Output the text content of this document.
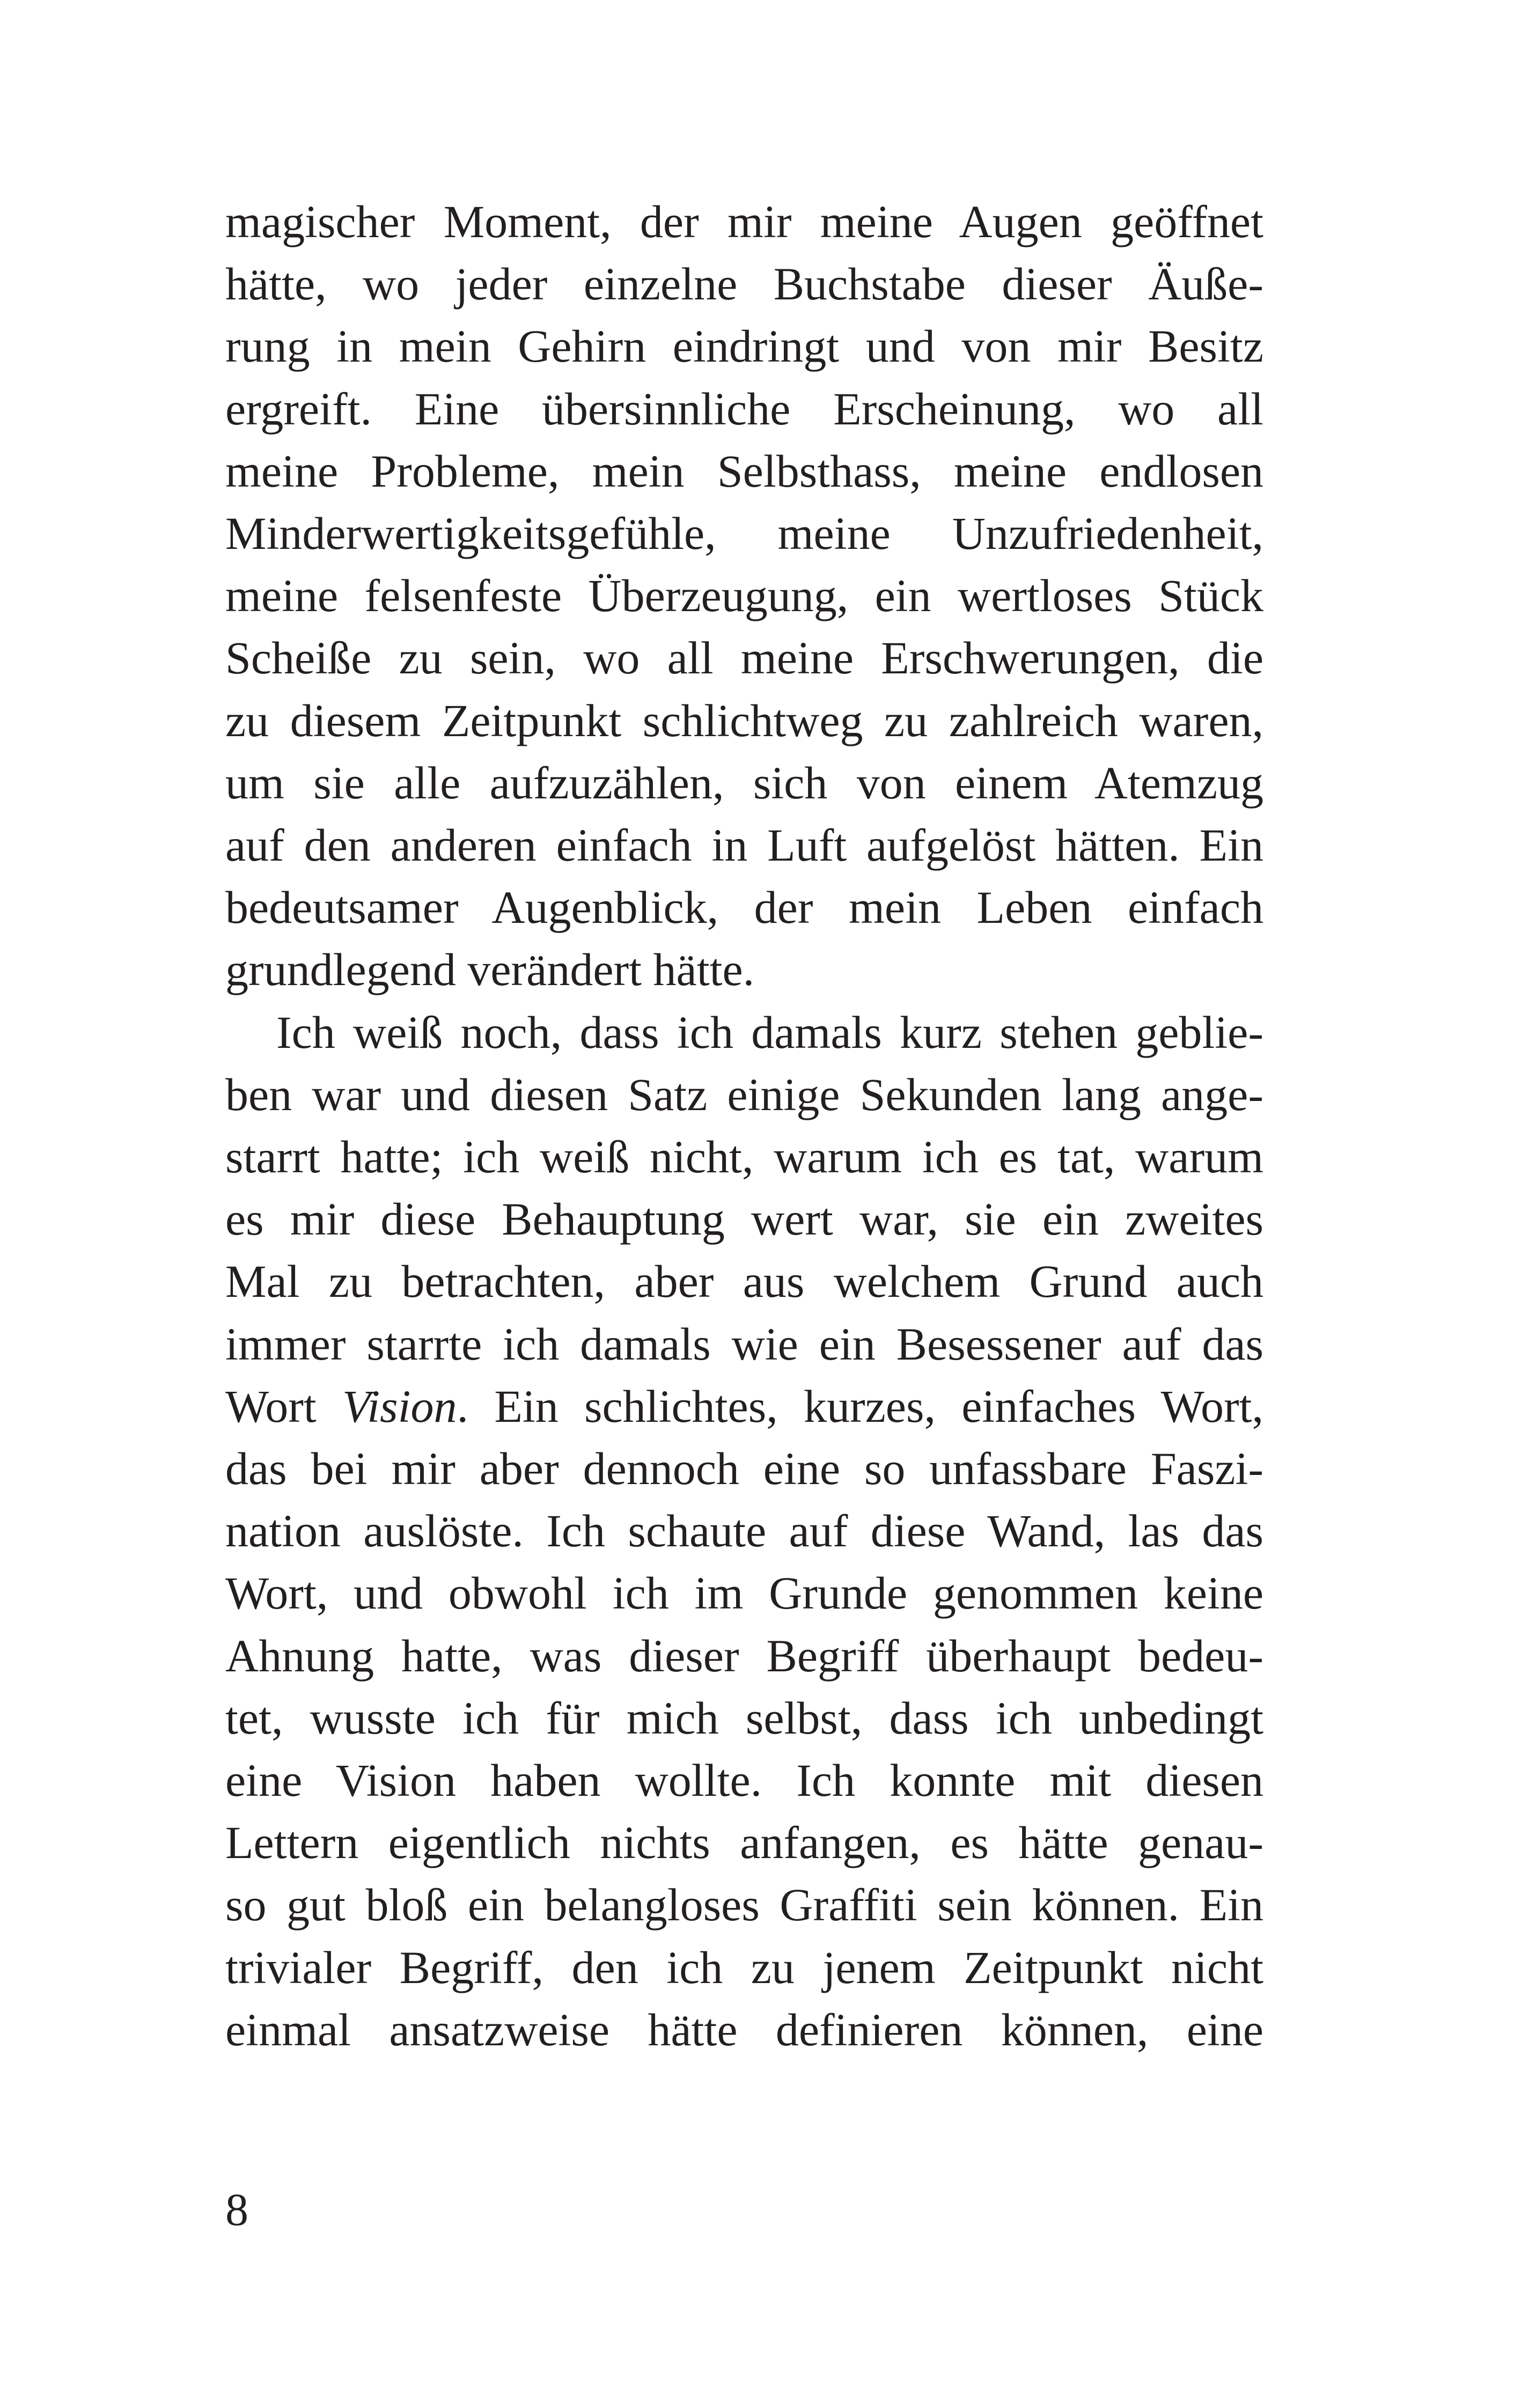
magischer Moment, der mir meine Augen geöffnet
hätte, wo jeder einzelne Buchstabe dieser Äuße-
rung in mein Gehirn eindringt und von mir Besitz
ergreift. Eine übersinnliche Erscheinung, wo all
meine Probleme, mein Selbsthass, meine endlosen
Minderwertigkeitsgefühle, meine Unzufriedenheit,
meine felsenfeste Überzeugung, ein wertloses Stück
Scheiße zu sein, wo all meine Erschwerungen, die
zu diesem Zeitpunkt schlichtweg zu zahlreich waren,
um sie alle aufzuzählen, sich von einem Atemzug
auf den anderen einfach in Luft aufgelöst hätten. Ein
bedeutsamer Augenblick, der mein Leben einfach
grundlegend verändert hätte.
Ich weiß noch, dass ich damals kurz stehen geblie-
ben war und diesen Satz einige Sekunden lang ange-
starrt hatte; ich weiß nicht, warum ich es tat, warum
es mir diese Behauptung wert war, sie ein zweites
Mal zu betrachten, aber aus welchem Grund auch
immer starrte ich damals wie ein Besessener auf das
Wort Vision. Ein schlichtes, kurzes, einfaches Wort,
das bei mir aber dennoch eine so unfassbare Faszi-
nation auslöste. Ich schaute auf diese Wand, las das
Wort, und obwohl ich im Grunde genommen keine
Ahnung hatte, was dieser Begriff überhaupt bedeu-
tet, wusste ich für mich selbst, dass ich unbedingt
eine Vision haben wollte. Ich konnte mit diesen
Lettern eigentlich nichts anfangen, es hätte genau-
so gut bloß ein belangloses Graffiti sein können. Ein
trivialer Begriff, den ich zu jenem Zeitpunkt nicht
einmal ansatzweise hätte definieren können, eine
8
